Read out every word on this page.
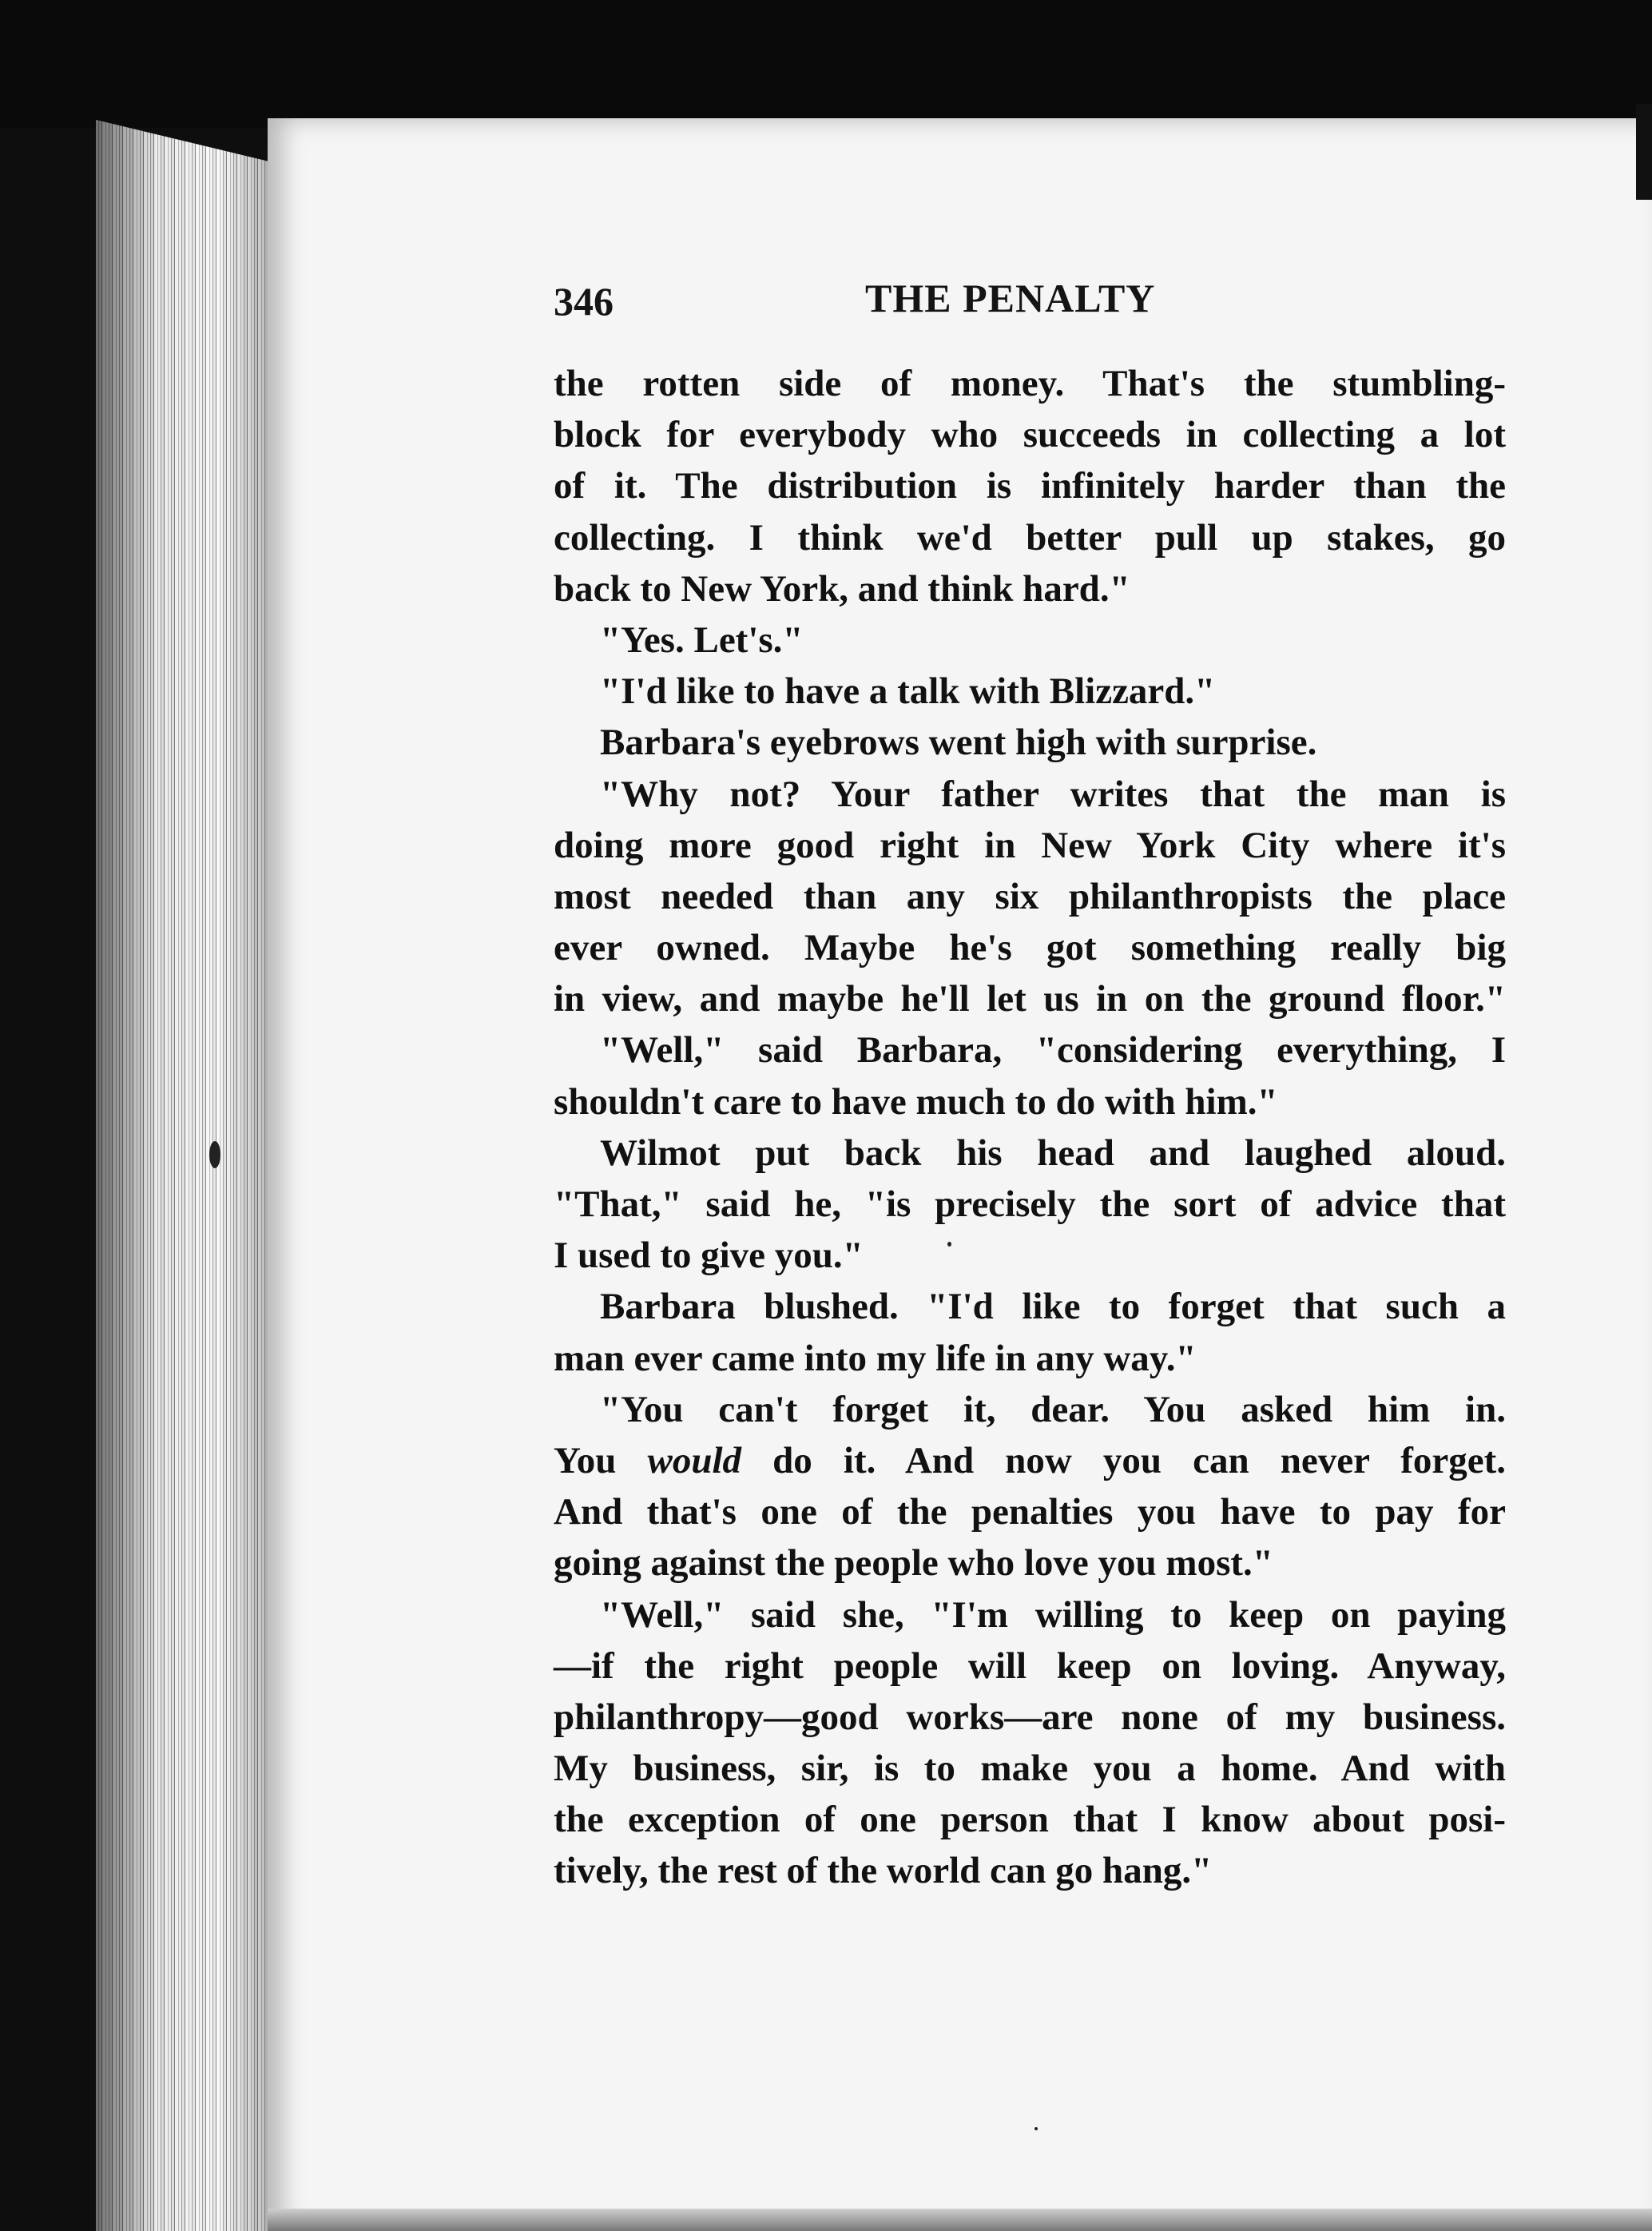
346	THE PENALTY
the rotten side of money. That's the stumbling-
block for everybody who succeeds in collecting a lot
of it. The distribution is infinitely harder than the
collecting. I think we'd better pull up stakes, go
back to New York, and think hard."
"Yes. Let's."
"I'd like to have a talk with Blizzard."
Barbara's eyebrows went high with surprise.
"Why not? Your father writes that the man is
doing more good right in New York City where it's
most needed than any six philanthropists the place
ever owned. Maybe he's got something really big
in view, and maybe he'll let us in on the ground floor."
"Well," said Barbara, "considering everything, I
shouldn't care to have much to do with him."
Wilmot put back his head and laughed aloud.
"That," said he, "is precisely the sort of advice that
I used to give you."
Barbara blushed. "I'd like to forget that such a
man ever came into my life in any way."
"You can't forget it, dear. You asked him in.
You would do it. And now you can never forget.
And that's one of the penalties you have to pay for
going against the people who love you most."
"Well," said she, "I'm willing to keep on paying
—if the right people will keep on loving. Anyway,
philanthropy—good works—are none of my business.
My business, sir, is to make you a home. And with
the exception of one person that I know about posi-
tively, the rest of the world can go hang."
